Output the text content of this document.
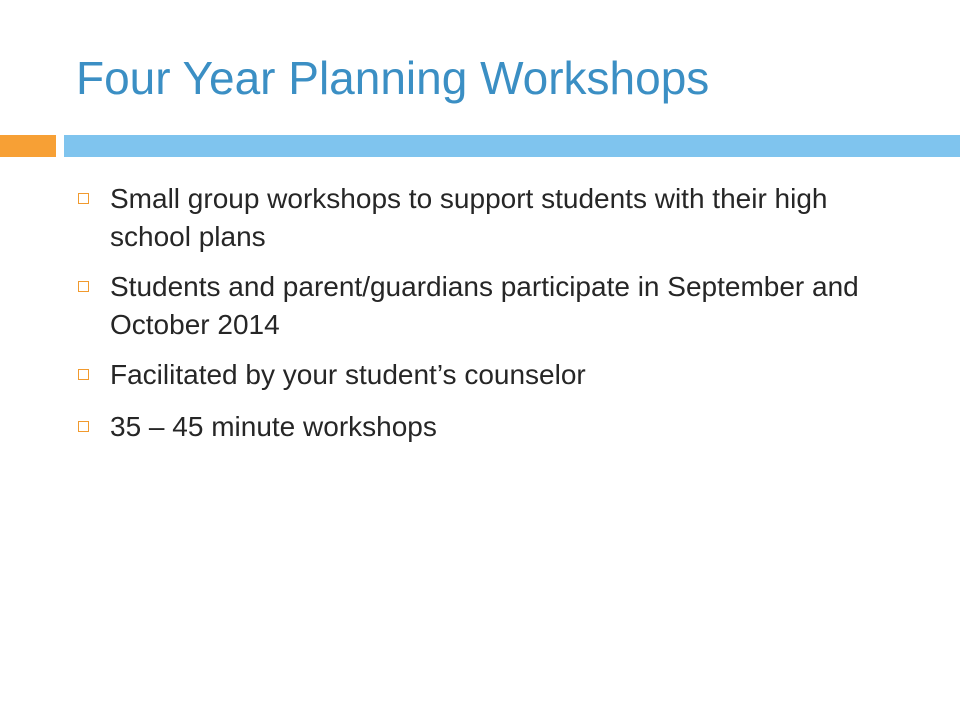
Four Year Planning Workshops
Small group workshops to support students with their high school plans
Students and parent/guardians participate in September and October 2014
Facilitated by your student’s counselor
35 – 45 minute workshops
